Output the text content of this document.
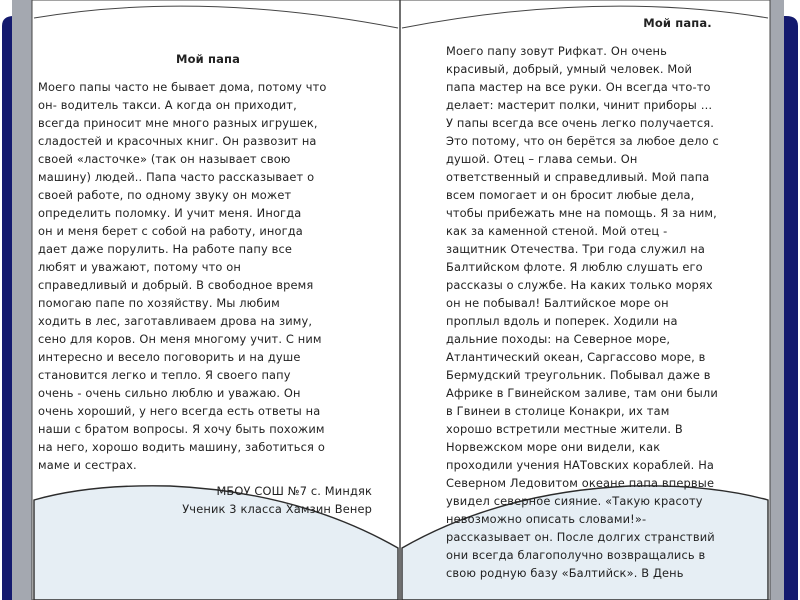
Мой папа

Моего папы часто не бывает дома, потому что
он- водитель такси. А когда он приходит,
всегда приносит мне много разных игрушек,
сладостей и красочных книг. Он развозит на
своей «ласточке» (так он называет свою
машину) людей.. Папа часто рассказывает о
своей работе, по одному звуку он может
определить поломку. И учит меня. Иногда
он и меня берет с собой на работу, иногда
дает даже порулить. На работе папу все
любят и уважают, потому что он
справедливый и добрый. В свободное время
помогаю папе по хозяйству. Мы любим
ходить в лес, заготавливаем дрова на зиму,
сено для коров. Он меня многому учит. С ним
интересно и весело поговорить и на душе
становится легко и тепло. Я своего папу
очень - очень сильно люблю и уважаю. Он
очень хороший, у него всегда есть ответы на
наши с братом вопросы. Я хочу быть похожим
на него, хорошо водить машину, заботиться о
маме и сестрах.

МБОУ СОШ №7 с. Миндяк
Ученик 3 класса Хамзин Венер
Мой папа.

Моего папу зовут Рифкат. Он очень
красивый, добрый, умный человек. Мой
папа мастер на все руки. Он всегда что-то
делает: мастерит полки, чинит приборы …
У папы всегда все очень легко получается.
Это потому, что он берётся за любое дело с
душой. Отец – глава семьи. Он
ответственный и справедливый. Мой папа
всем помогает и он бросит любые дела,
чтобы прибежать мне на помощь. Я за ним,
как за каменной стеной. Мой отец -
защитник Отечества. Три года служил на
Балтийском флоте. Я люблю слушать его
рассказы о службе. На каких только морях
он не побывал! Балтийское море он
проплыл вдоль и поперек. Ходили на
дальние походы: на Северное море,
Атлантический океан, Саргассово море, в
Бермудский треугольник. Побывал даже в
Африке в Гвинейском заливе, там они были
в Гвинеи в столице Конакри, их там
хорошо встретили местные жители. В
Норвежском море они видели, как
проходили учения НАТовских кораблей. На
Северном Ледовитом океане папа впервые
увидел северное сияние. «Такую красоту
невозможно описать словами!»-
рассказывает он. После долгих странствий
они всегда благополучно возвращались в
свою родную базу «Балтийск». В День
